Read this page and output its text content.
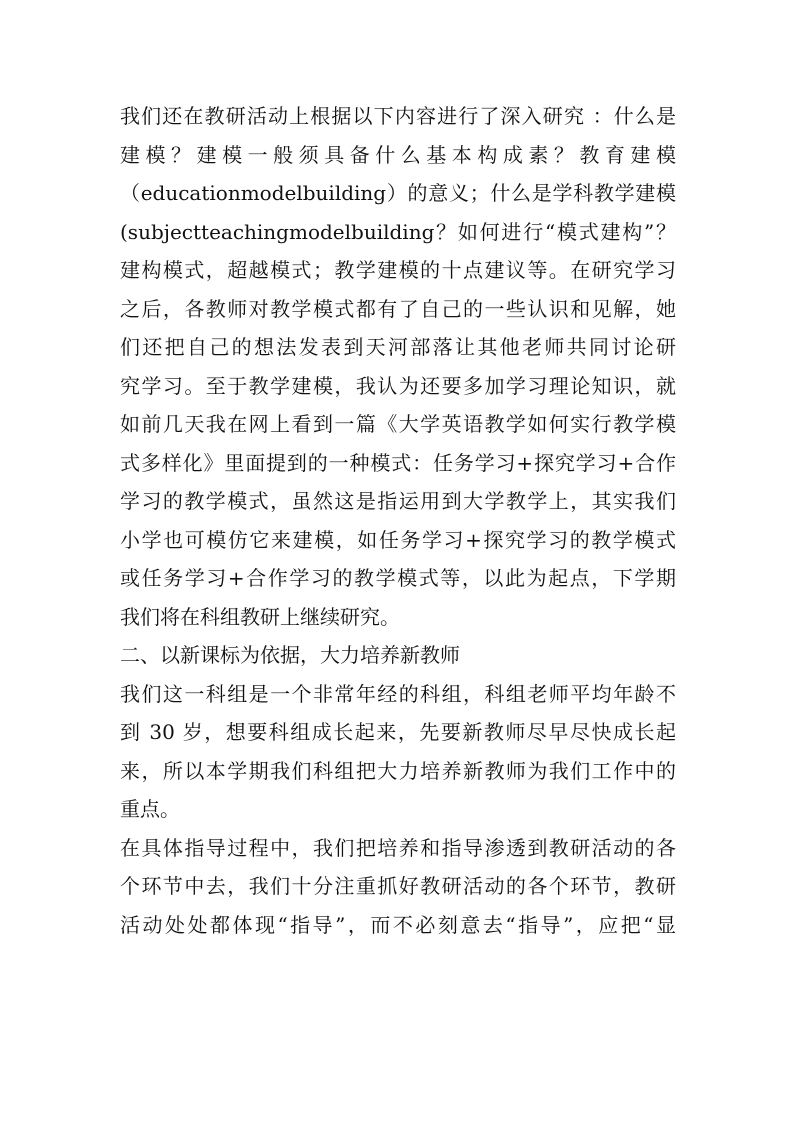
我们还在教研活动上根据以下内容进行了深入研究 ：什么是
建模？建模一般须具备什么基本构成素？教育建模
（educationmodelbuilding）的意义；什么是学科教学建模
(subjectteachingmodelbuilding？如何进行“模式建构”？
建构模式，超越模式；教学建模的十点建议等。在研究学习
之后，各教师对教学模式都有了自己的一些认识和见解，她
们还把自己的想法发表到天河部落让其他老师共同讨论研
究学习。至于教学建模，我认为还要多加学习理论知识，就
如前几天我在网上看到一篇《大学英语教学如何实行教学模
式多样化》里面提到的一种模式：任务学习+探究学习+合作
学习的教学模式，虽然这是指运用到大学教学上，其实我们
小学也可模仿它来建模，如任务学习+探究学习的教学模式
或任务学习+合作学习的教学模式等，以此为起点，下学期
我们将在科组教研上继续研究。
二、以新课标为依据，大力培养新教师
我们这一科组是一个非常年经的科组，科组老师平均年龄不
到 30 岁，想要科组成长起来，先要新教师尽早尽快成长起
来，所以本学期我们科组把大力培养新教师为我们工作中的
重点。
在具体指导过程中，我们把培养和指导渗透到教研活动的各
个环节中去，我们十分注重抓好教研活动的各个环节，教研
活动处处都体现“指导”，而不必刻意去“指导”，应把“显
